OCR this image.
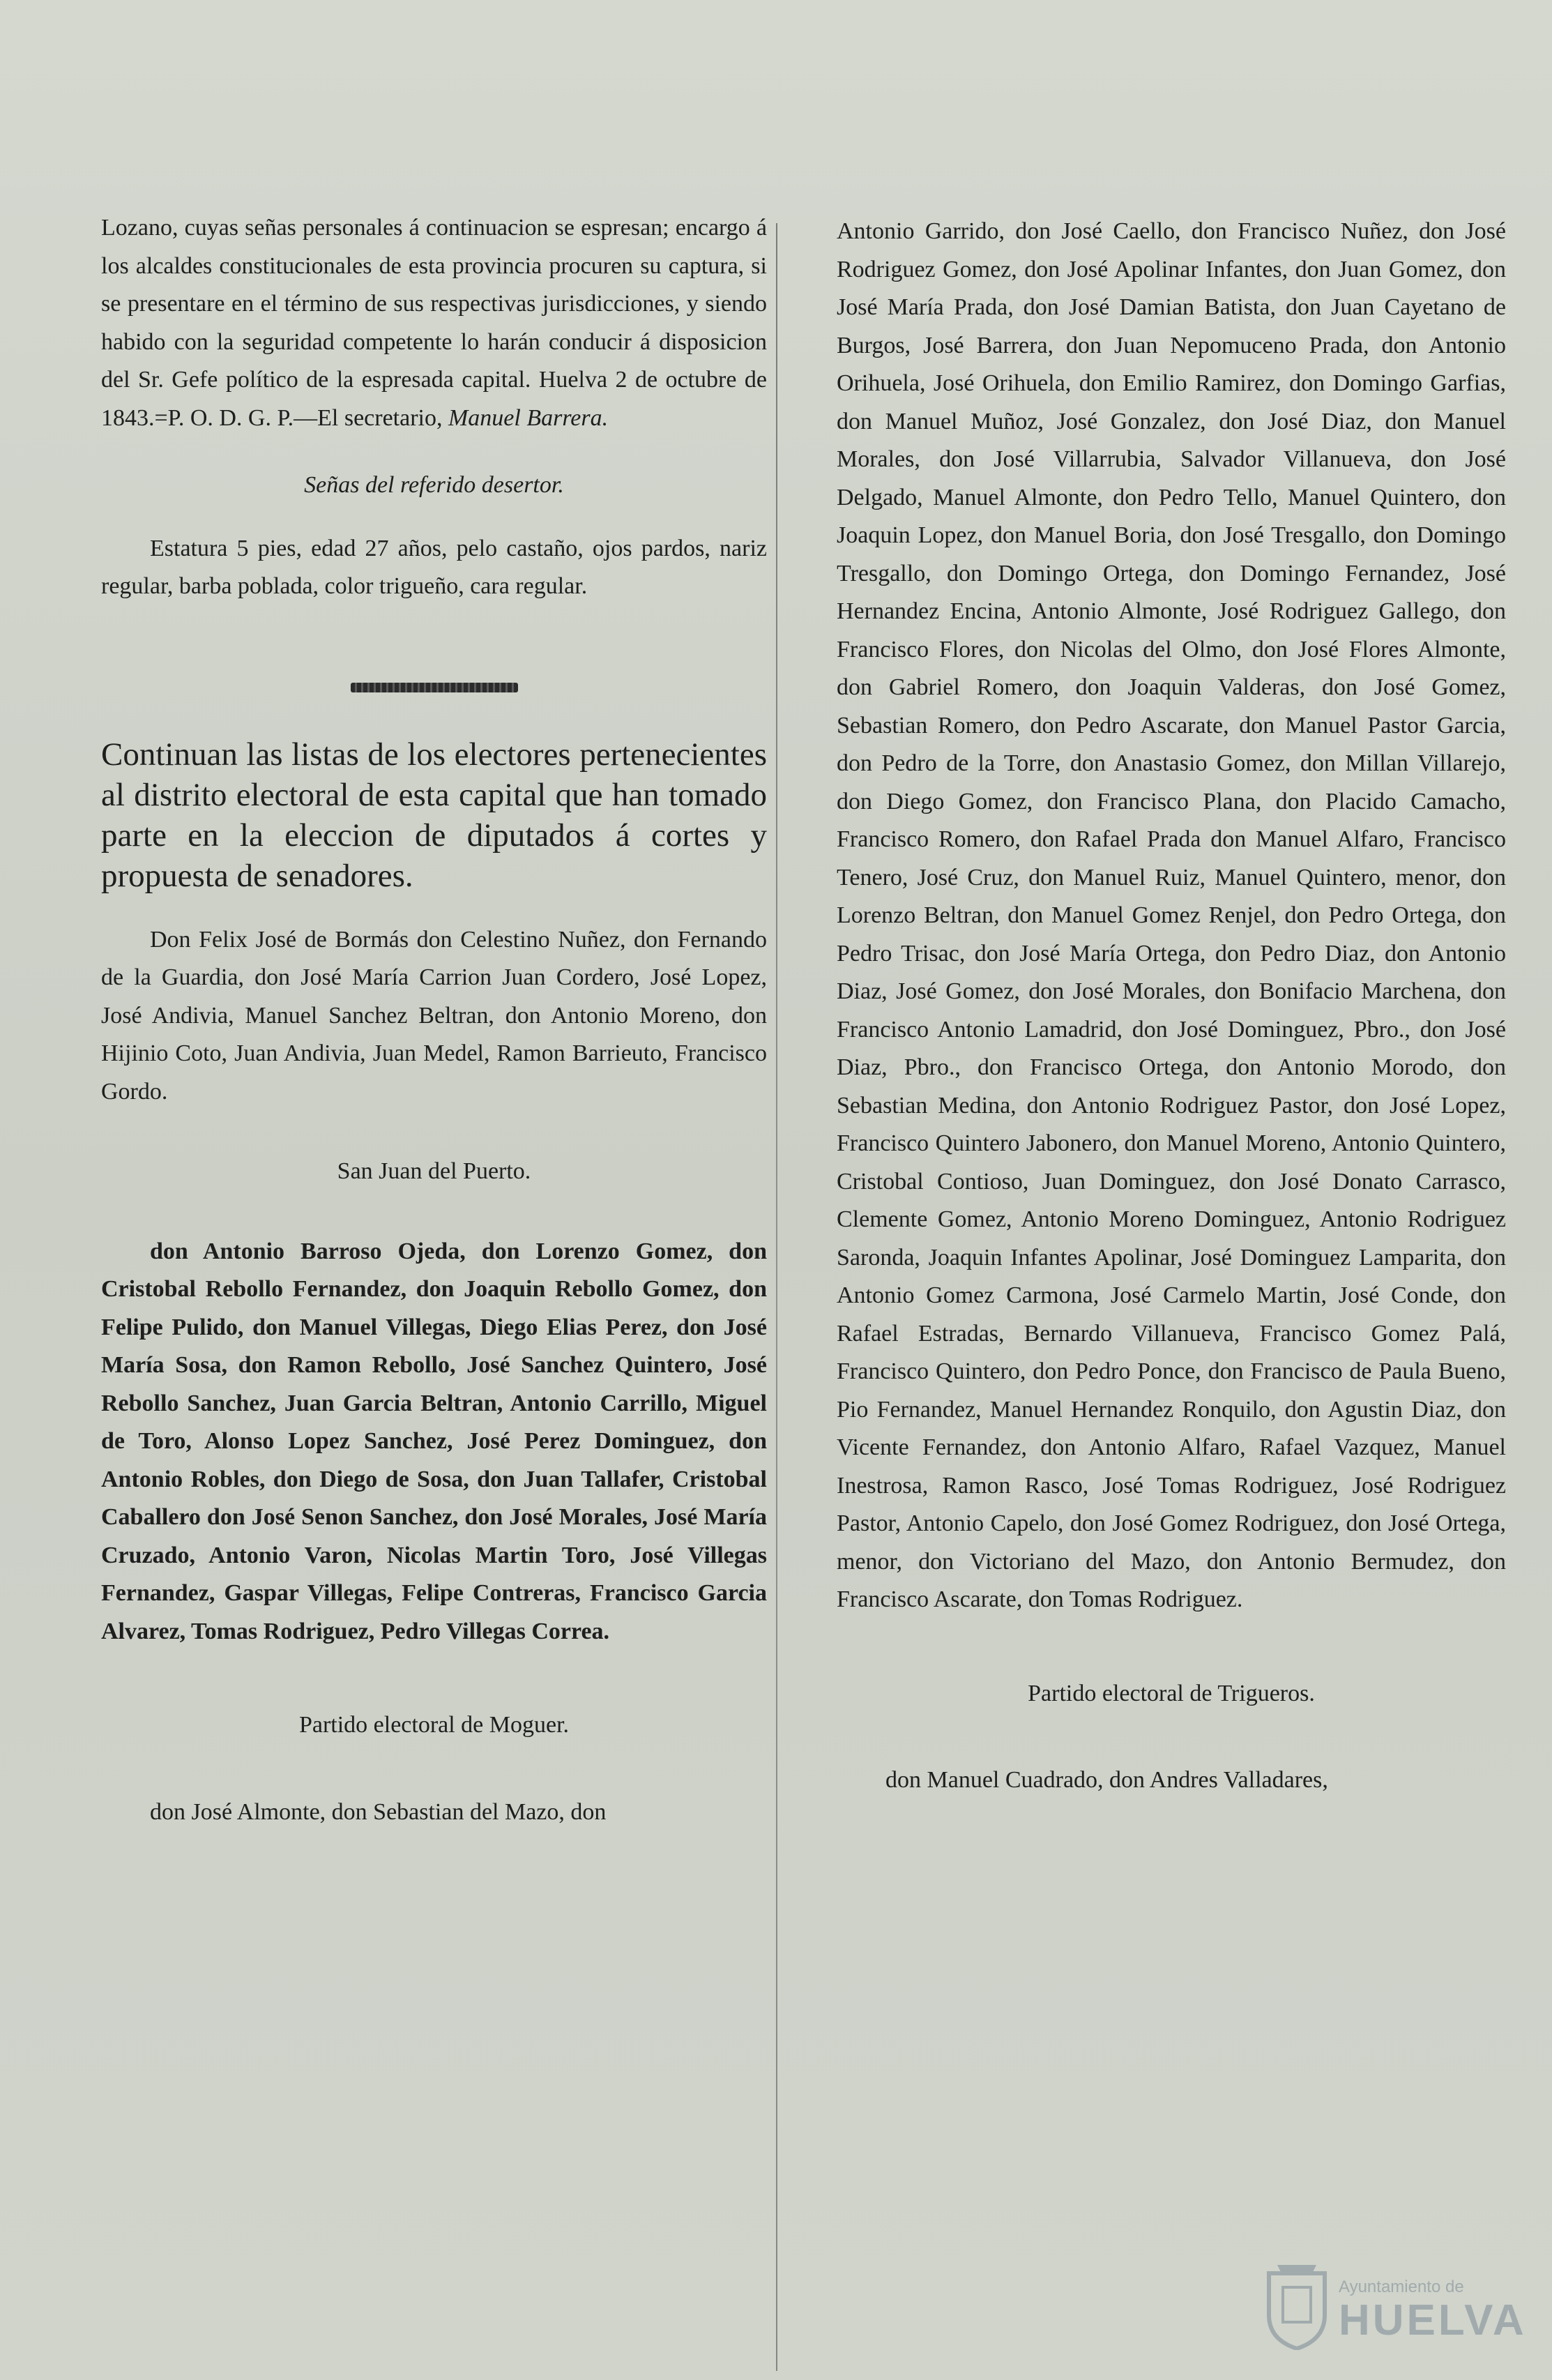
Lozano, cuyas señas personales á continuacion se espresan; encargo á los alcaldes constitucionales de esta provincia procuren su captura, si se presentare en el término de sus respectivas jurisdicciones, y siendo habido con la seguridad competente lo harán conducir á disposicion del Sr. Gefe político de la espresada capital. Huelva 2 de octubre de 1843.=P. O. D. G. P.—El secretario, Manuel Barrera.

Señas del referido desertor.

Estatura 5 pies, edad 27 años, pelo castaño, ojos pardos, nariz regular, barba poblada, color trigueño, cara regular.

Continuan las listas de los electores pertenecientes al distrito electoral de esta capital que han tomado parte en la eleccion de diputados á cortes y propuesta de senadores.

Don Felix José de Bormás don Celestino Nuñez, don Fernando de la Guardia, don José María Carrion Juan Cordero, José Lopez, José Andivia, Manuel Sanchez Beltran, don Antonio Moreno, don Hijinio Coto, Juan Andivia, Juan Medel, Ramon Barrieuto, Francisco Gordo.

San Juan del Puerto.

don Antonio Barroso Ojeda, don Lorenzo Gomez, don Cristobal Rebollo Fernandez, don Joaquin Rebollo Gomez, don Felipe Pulido, don Manuel Villegas, Diego Elias Perez, don José María Sosa, don Ramon Rebollo, José Sanchez Quintero, José Rebollo Sanchez, Juan Garcia Beltran, Antonio Carrillo, Miguel de Toro, Alonso Lopez Sanchez, José Perez Dominguez, don Antonio Robles, don Diego de Sosa, don Juan Tallafer, Cristobal Caballero don José Senon Sanchez, don José Morales, José María Cruzado, Antonio Varon, Nicolas Martin Toro, José Villegas Fernandez, Gaspar Villegas, Felipe Contreras, Francisco Garcia Alvarez, Tomas Rodriguez, Pedro Villegas Correa.

Partido electoral de Moguer.

don José Almonte, don Sebastian del Mazo, don

Antonio Garrido, don José Caello, don Francisco Nuñez, don José Rodriguez Gomez, don José Apolinar Infantes, don Juan Gomez, don José María Prada, don José Damian Batista, don Juan Cayetano de Burgos, José Barrera, don Juan Nepomuceno Prada, don Antonio Orihuela, José Orihuela, don Emilio Ramirez, don Domingo Garfias, don Manuel Muñoz, José Gonzalez, don José Diaz, don Manuel Morales, don José Villarrubia, Salvador Villanueva, don José Delgado, Manuel Almonte, don Pedro Tello, Manuel Quintero, don Joaquin Lopez, don Manuel Boria, don José Tresgallo, don Domingo Tresgallo, don Domingo Ortega, don Domingo Fernandez, José Hernandez Encina, Antonio Almonte, José Rodriguez Gallego, don Francisco Flores, don Nicolas del Olmo, don José Flores Almonte, don Gabriel Romero, don Joaquin Valderas, don José Gomez, Sebastian Romero, don Pedro Ascarate, don Manuel Pastor Garcia, don Pedro de la Torre, don Anastasio Gomez, don Millan Villarejo, don Diego Gomez, don Francisco Plana, don Placido Camacho, Francisco Romero, don Rafael Prada don Manuel Alfaro, Francisco Tenero, José Cruz, don Manuel Ruiz, Manuel Quintero, menor, don Lorenzo Beltran, don Manuel Gomez Renjel, don Pedro Ortega, don Pedro Trisac, don José María Ortega, don Pedro Diaz, don Antonio Diaz, José Gomez, don José Morales, don Bonifacio Marchena, don Francisco Antonio Lamadrid, don José Dominguez, Pbro., don José Diaz, Pbro., don Francisco Ortega, don Antonio Morodo, don Sebastian Medina, don Antonio Rodriguez Pastor, don José Lopez, Francisco Quintero Jabonero, don Manuel Moreno, Antonio Quintero, Cristobal Contioso, Juan Dominguez, don José Donato Carrasco, Clemente Gomez, Antonio Moreno Dominguez, Antonio Rodriguez Saronda, Joaquin Infantes Apolinar, José Dominguez Lamparita, don Antonio Gomez Carmona, José Carmelo Martin, José Conde, don Rafael Estradas, Bernardo Villanueva, Francisco Gomez Palá, Francisco Quintero, don Pedro Ponce, don Francisco de Paula Bueno, Pio Fernandez, Manuel Hernandez Ronquilo, don Agustin Diaz, don Vicente Fernandez, don Antonio Alfaro, Rafael Vazquez, Manuel Inestrosa, Ramon Rasco, José Tomas Rodriguez, José Rodriguez Pastor, Antonio Capelo, don José Gomez Rodriguez, don José Ortega, menor, don Victoriano del Mazo, don Antonio Bermudez, don Francisco Ascarate, don Tomas Rodriguez.

Partido electoral de Trigueros.

don Manuel Cuadrado, don Andres Valladares,

Ayuntamiento de
HUELVA
